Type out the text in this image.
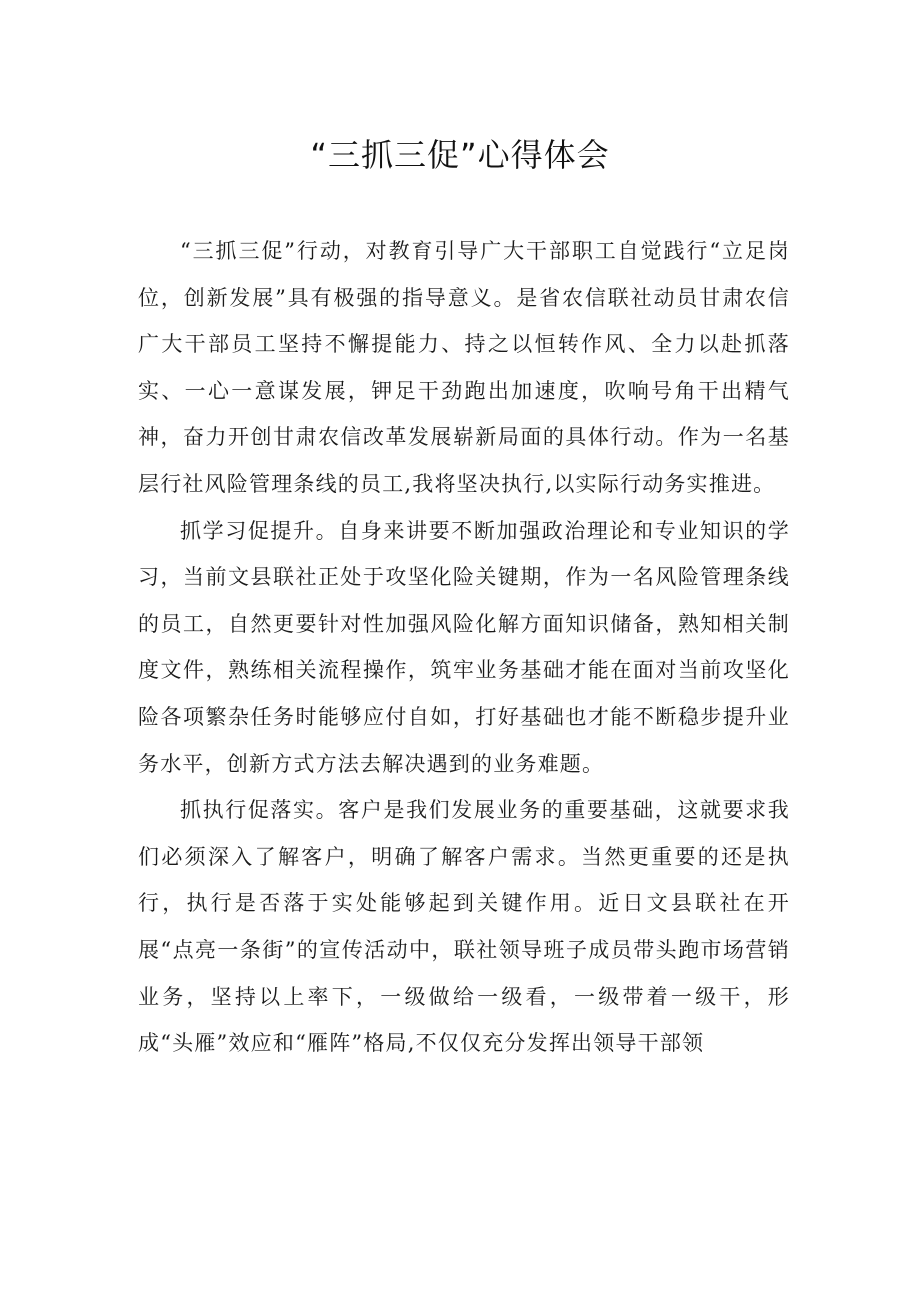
“三抓三促”心得体会

“三抓三促”行动，对教育引导广大干部职工自觉践行“立足岗位，创新发展”具有极强的指导意义。是省农信联社动员甘肃农信广大干部员工坚持不懈提能力、持之以恒转作风、全力以赴抓落实、一心一意谋发展，钾足干劲跑出加速度，吹响号角干出精气神，奋力开创甘肃农信改革发展崭新局面的具体行动。作为一名基层行社风险管理条线的员工,我将坚决执行,以实际行动务实推进。

抓学习促提升。自身来讲要不断加强政治理论和专业知识的学习，当前文县联社正处于攻坚化险关键期，作为一名风险管理条线的员工，自然更要针对性加强风险化解方面知识储备，熟知相关制度文件，熟练相关流程操作，筑牢业务基础才能在面对当前攻坚化险各项繁杂任务时能够应付自如，打好基础也才能不断稳步提升业务水平，创新方式方法去解决遇到的业务难题。

抓执行促落实。客户是我们发展业务的重要基础，这就要求我们必须深入了解客户，明确了解客户需求。当然更重要的还是执行，执行是否落于实处能够起到关键作用。近日文县联社在开展“点亮一条街”的宣传活动中，联社领导班子成员带头跑市场营销业务，坚持以上率下，一级做给一级看，一级带着一级干，形成“头雁”效应和“雁阵”格局,不仅仅充分发挥出领导干部领
